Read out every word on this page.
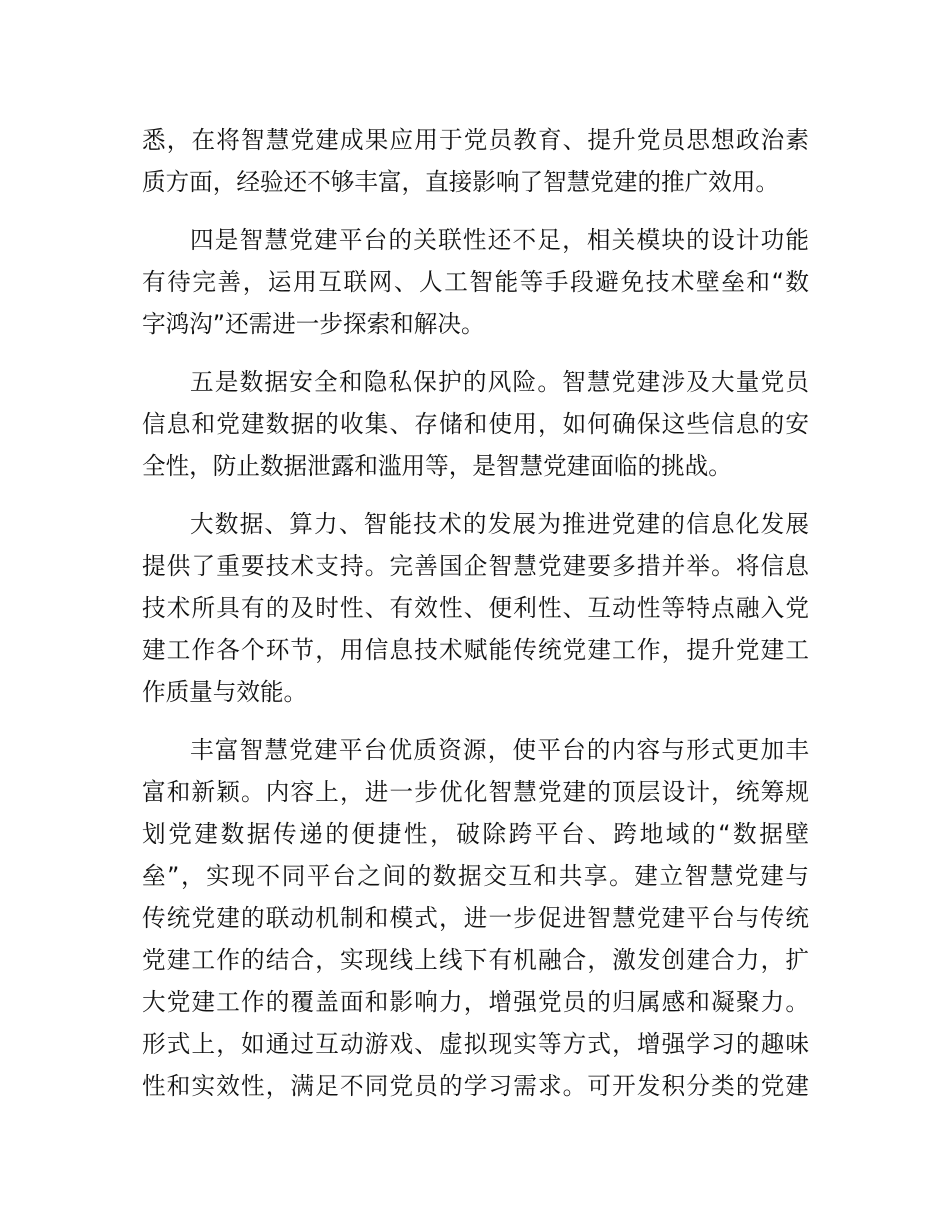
悉，在将智慧党建成果应用于党员教育、提升党员思想政治素
质方面，经验还不够丰富，直接影响了智慧党建的推广效用。
四是智慧党建平台的关联性还不足，相关模块的设计功能
有待完善，运用互联网、人工智能等手段避免技术壁垒和“数
字鸿沟”还需进一步探索和解决。
五是数据安全和隐私保护的风险。智慧党建涉及大量党员
信息和党建数据的收集、存储和使用，如何确保这些信息的安
全性，防止数据泄露和滥用等，是智慧党建面临的挑战。
大数据、算力、智能技术的发展为推进党建的信息化发展
提供了重要技术支持。完善国企智慧党建要多措并举。将信息
技术所具有的及时性、有效性、便利性、互动性等特点融入党
建工作各个环节，用信息技术赋能传统党建工作，提升党建工
作质量与效能。
丰富智慧党建平台优质资源，使平台的内容与形式更加丰
富和新颖。内容上，进一步优化智慧党建的顶层设计，统筹规
划党建数据传递的便捷性，破除跨平台、跨地域的“数据壁
垒”，实现不同平台之间的数据交互和共享。建立智慧党建与
传统党建的联动机制和模式，进一步促进智慧党建平台与传统
党建工作的结合，实现线上线下有机融合，激发创建合力，扩
大党建工作的覆盖面和影响力，增强党员的归属感和凝聚力。
形式上，如通过互动游戏、虚拟现实等方式，增强学习的趣味
性和实效性，满足不同党员的学习需求。可开发积分类的党建
